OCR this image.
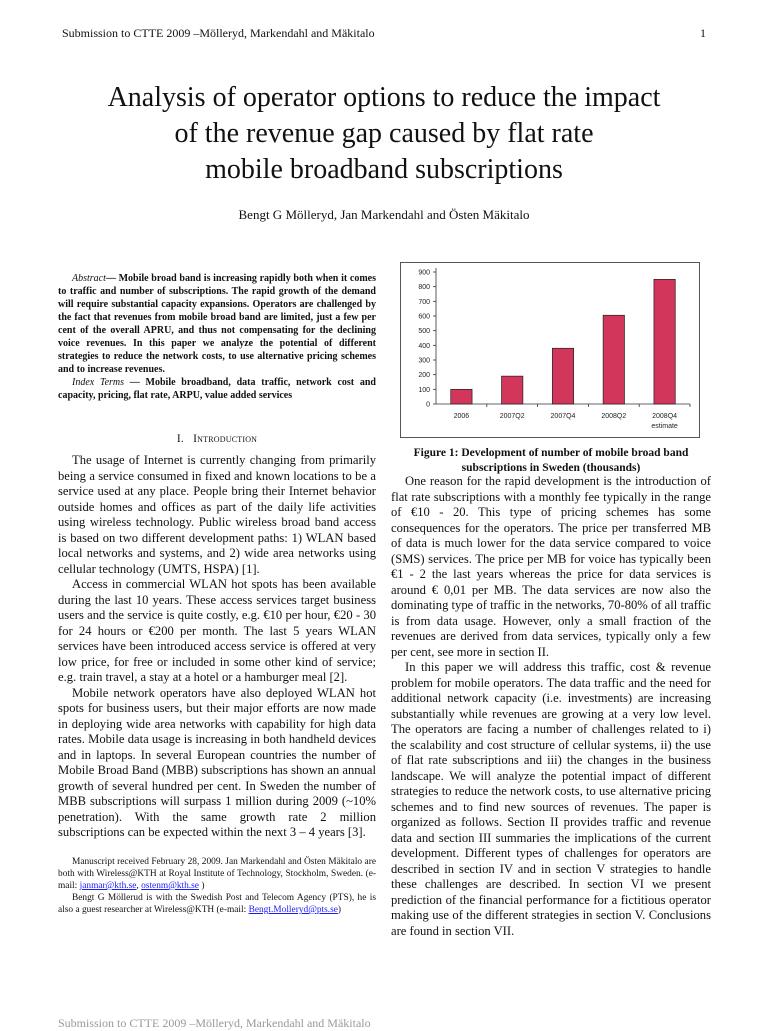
Submission to CTTE 2009 –Mölleryd, Markendahl and Mäkitalo	1
Analysis of operator options to reduce the impact
of the revenue gap caused by flat rate
mobile broadband subscriptions
Bengt G Mölleryd, Jan Markendahl and Östen Mäkitalo

Abstract— Mobile broad band is increasing rapidly both when it comes to traffic and number of subscriptions. The rapid growth of the demand will require substantial capacity expansions. Operators are challenged by the fact that revenues from mobile broad band are limited, just a few per cent of the overall APRU, and thus not compensating for the declining voice revenues. In this paper we analyze the potential of different strategies to reduce the network costs, to use alternative pricing schemes and to increase revenues.

Index Terms — Mobile broadband, data traffic, network cost and capacity, pricing, flat rate, ARPU, value added services

I. Introduction

The usage of Internet is currently changing from primarily being a service consumed in fixed and known locations to be a service used at any place. People bring their Internet behavior outside homes and offices as part of the daily life activities using wireless technology. Public wireless broad band access is based on two different development paths: 1) WLAN based local networks and systems, and 2) wide area networks using cellular technology (UMTS, HSPA) [1].

Access in commercial WLAN hot spots has been available during the last 10 years. These access services target business users and the service is quite costly, e.g. €10 per hour, €20 - 30 for 24 hours or €200 per month. The last 5 years WLAN services have been introduced access service is offered at very low price, for free or included in some other kind of service; e.g. train travel, a stay at a hotel or a hamburger meal [2].

Mobile network operators have also deployed WLAN hot spots for business users, but their major efforts are now made in deploying wide area networks with capability for high data rates. Mobile data usage is increasing in both handheld devices and in laptops. In several European countries the number of Mobile Broad Band (MBB) subscriptions has shown an annual growth of several hundred per cent. In Sweden the number of MBB subscriptions will surpass 1 million during 2009 (~10% penetration). With the same growth rate 2 million subscriptions can be expected within the next 3 – 4 years [3].

Manuscript received February 28, 2009. Jan Markendahl and Östen Mäkitalo are both with Wireless@KTH at Royal Institute of Technology, Stockholm, Sweden. (e-mail: janmar@kth.se, ostenm@kth.se )

Bengt G Möllerud is with the Swedish Post and Telecom Agency (PTS), he is also a guest researcher at Wireless@KTH (e-mail: Bengt.Molleryd@pts.se)

0
100
200
300
400
500
600
700
800
900
2006	2007Q2	2007Q4	2008Q2	2008Q4
estimate
Figure 1: Development of number of mobile broad band subscriptions in Sweden (thousands)

One reason for the rapid development is the introduction of flat rate subscriptions with a monthly fee typically in the range of €10 - 20. This type of pricing schemes has some consequences for the operators. The price per transferred MB of data is much lower for the data service compared to voice (SMS) services. The price per MB for voice has typically been €1 - 2 the last years whereas the price for data services is around € 0,01 per MB. The data services are now also the dominating type of traffic in the networks, 70-80% of all traffic is from data usage. However, only a small fraction of the revenues are derived from data services, typically only a few per cent, see more in section II.

In this paper we will address this traffic, cost & revenue problem for mobile operators. The data traffic and the need for additional network capacity (i.e. investments) are increasing substantially while revenues are growing at a very low level. The operators are facing a number of challenges related to i) the scalability and cost structure of cellular systems, ii) the use of flat rate subscriptions and iii) the changes in the business landscape. We will analyze the potential impact of different strategies to reduce the network costs, to use alternative pricing schemes and to find new sources of revenues. The paper is organized as follows. Section II provides traffic and revenue data and section III summaries the implications of the current development. Different types of challenges for operators are described in section IV and in section V strategies to handle these challenges are described. In section VI we present prediction of the financial performance for a fictitious operator making use of the different strategies in section V. Conclusions are found in section VII.

Submission to CTTE 2009 –Mölleryd, Markendahl and Mäkitalo
